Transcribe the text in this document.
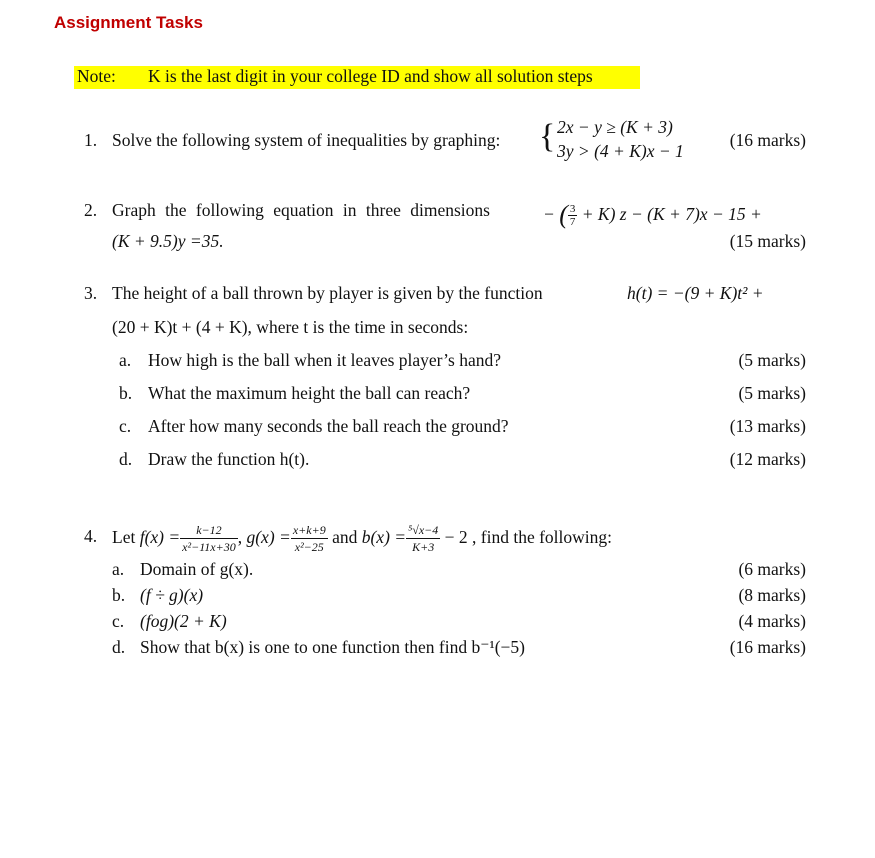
Assignment Tasks
Note: K is the last digit in your college ID and show all solution steps
1. Solve the following system of inequalities by graphing: { 2x − y ≥ (K + 3)
3y > (4 + K)x − 1
(16 marks)
2. Graph the following equation in three dimensions	− ( $\frac{3}{7} + K$) z − (K + 7)x − 15 +
(K + 9.5)y =35.	(15 marks)
3. The height of a ball thrown by player is given by the function	h(t) = −(9 + K)t² +
(20 + K)t + (4 + K), where t is the time in seconds:
a. How high is the ball when it leaves player’s hand?	(5 marks)
b. What the maximum height the ball can reach?	(5 marks)
c. After how many seconds the ball reach the ground?	(13 marks)
d. Draw the function h(t).	(12 marks)
4. Let $f(x) = \frac{k-12}{\text{x²−11x+30}}$ , $g(x) = \frac{x+k+9}{\text{x²−25}}$ and $b(x) = \frac{\text{⁵√x−4}}{K+3} - 2$ , find the following:
a. Domain of g(x).	(6 marks)
b. (f ÷ g)(x)	(8 marks)
c. (fog)(2 + K)	(4 marks)
d. Show that b(x) is one to one function then find b⁻¹(−5)	(16 marks)
